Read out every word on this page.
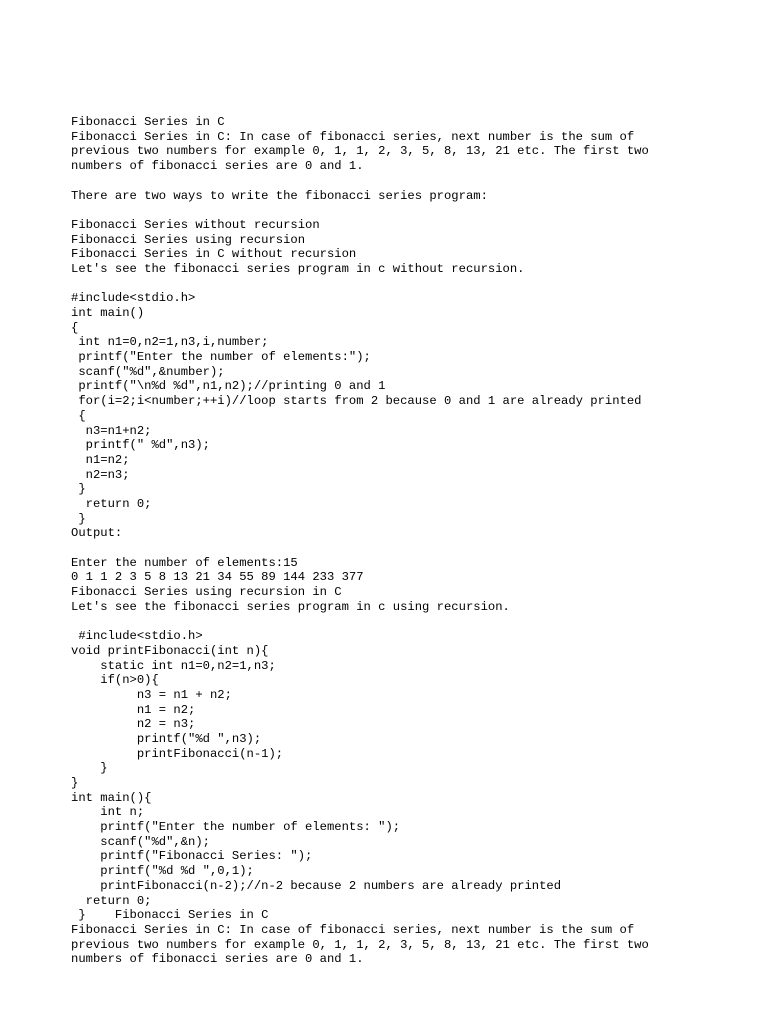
Fibonacci Series in C
Fibonacci Series in C: In case of fibonacci series, next number is the sum of
previous two numbers for example 0, 1, 1, 2, 3, 5, 8, 13, 21 etc. The first two
numbers of fibonacci series are 0 and 1.
There are two ways to write the fibonacci series program:
Fibonacci Series without recursion
Fibonacci Series using recursion
Fibonacci Series in C without recursion
Let's see the fibonacci series program in c without recursion.
#include<stdio.h>
int main()
{
int n1=0,n2=1,n3,i,number;
printf("Enter the number of elements:");
scanf("%d",&number);
printf("\n%d %d",n1,n2);//printing 0 and 1
for(i=2;i<number;++i)//loop starts from 2 because 0 and 1 are already printed
{
n3=n1+n2;
printf(" %d",n3);
n1=n2;
n2=n3;
}
return 0;
}
Output:
Enter the number of elements:15
0 1 1 2 3 5 8 13 21 34 55 89 144 233 377
Fibonacci Series using recursion in C
Let's see the fibonacci series program in c using recursion.
#include<stdio.h>
void printFibonacci(int n){
static int n1=0,n2=1,n3;
if(n>0){
n3 = n1 + n2;
n1 = n2;
n2 = n3;
printf("%d ",n3);
printFibonacci(n-1);
}
}
int main(){
int n;
printf("Enter the number of elements: ");
scanf("%d",&n);
printf("Fibonacci Series: ");
printf("%d %d ",0,1);
printFibonacci(n-2);//n-2 because 2 numbers are already printed
return 0;
}    Fibonacci Series in C
Fibonacci Series in C: In case of fibonacci series, next number is the sum of
previous two numbers for example 0, 1, 1, 2, 3, 5, 8, 13, 21 etc. The first two
numbers of fibonacci series are 0 and 1.
